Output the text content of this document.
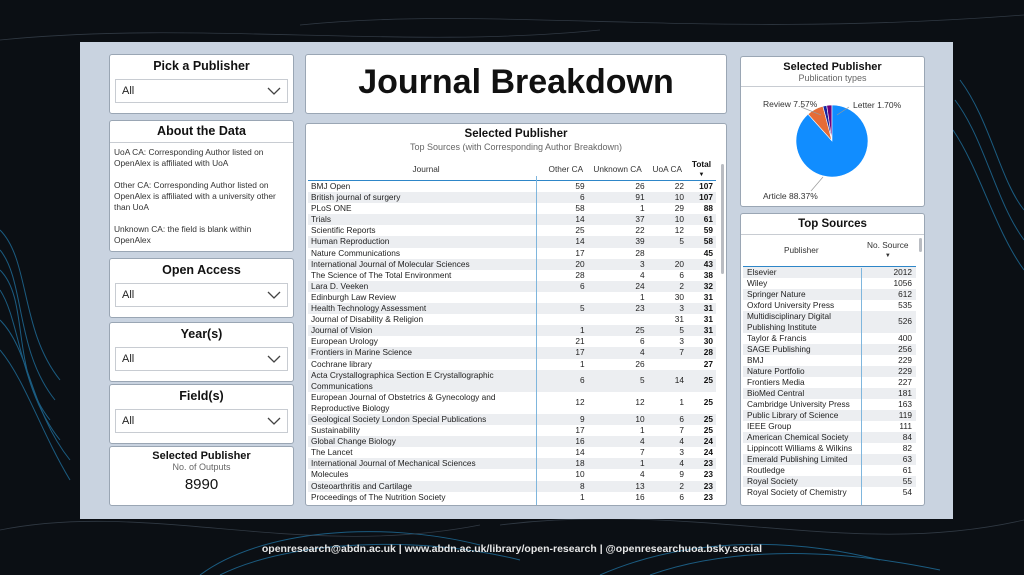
Pick a Publisher
All
About the Data

UoA CA: Corresponding Author listed on OpenAlex is affiliated with UoA

Other CA: Corresponding Author listed on OpenAlex is affiliated with a university other than UoA

Unknown CA: the field is blank within OpenAlex

Open Access
All
Year(s)
All
Field(s)
All
Selected Publisher
No. of Outputs
8990
Journal Breakdown
Selected Publisher
Top Sources (with Corresponding Author Breakdown)
Journal	Other CA	Unknown CA	UoA CA	Total
▼
BMJ Open	59	26	22	107
British journal of surgery	6	91	10	107
PLoS ONE	58	1	29	88
Trials	14	37	10	61
Scientific Reports	25	22	12	59
Human Reproduction	14	39	5	58
Nature Communications	17	28		45
International Journal of Molecular Sciences	20	3	20	43
The Science of The Total Environment	28	4	6	38
Lara D. Veeken	6	24	2	32
Edinburgh Law Review		1	30	31
Health Technology Assessment	5	23	3	31
Journal of Disability & Religion			31	31
Journal of Vision	1	25	5	31
European Urology	21	6	3	30
Frontiers in Marine Science	17	4	7	28
Cochrane library	1	26		27
Acta Crystallographica Section E Crystallographic Communications	6	5	14	25
European Journal of Obstetrics & Gynecology and Reproductive Biology	12	12	1	25
Geological Society London Special Publications	9	10	6	25
Sustainability	17	1	7	25
Global Change Biology	16	4	4	24
The Lancet	14	7	3	24
International Journal of Mechanical Sciences	18	1	4	23
Molecules	10	4	9	23
Osteoarthritis and Cartilage	8	13	2	23
Proceedings of The Nutrition Society	1	16	6	23
Selected Publisher
Publication types
Review 7.57%	Letter 1.70%
Article 88.37%
Top Sources
Publisher	No. Source
▼
Elsevier	2012
Wiley	1056
Springer Nature	612
Oxford University Press	535
Multidisciplinary Digital Publishing Institute	526
Taylor & Francis	400
SAGE Publishing	256
BMJ	229
Nature Portfolio	229
Frontiers Media	227
BioMed Central	181
Cambridge University Press	163
Public Library of Science	119
IEEE Group	111
American Chemical Society	84
Lippincott Williams & Wilkins	82
Emerald Publishing Limited	63
Routledge	61
Royal Society	55
Royal Society of Chemistry	54
openresearch@abdn.ac.uk | www.abdn.ac.uk/library/open-research | @openresearchuoa.bsky.social
